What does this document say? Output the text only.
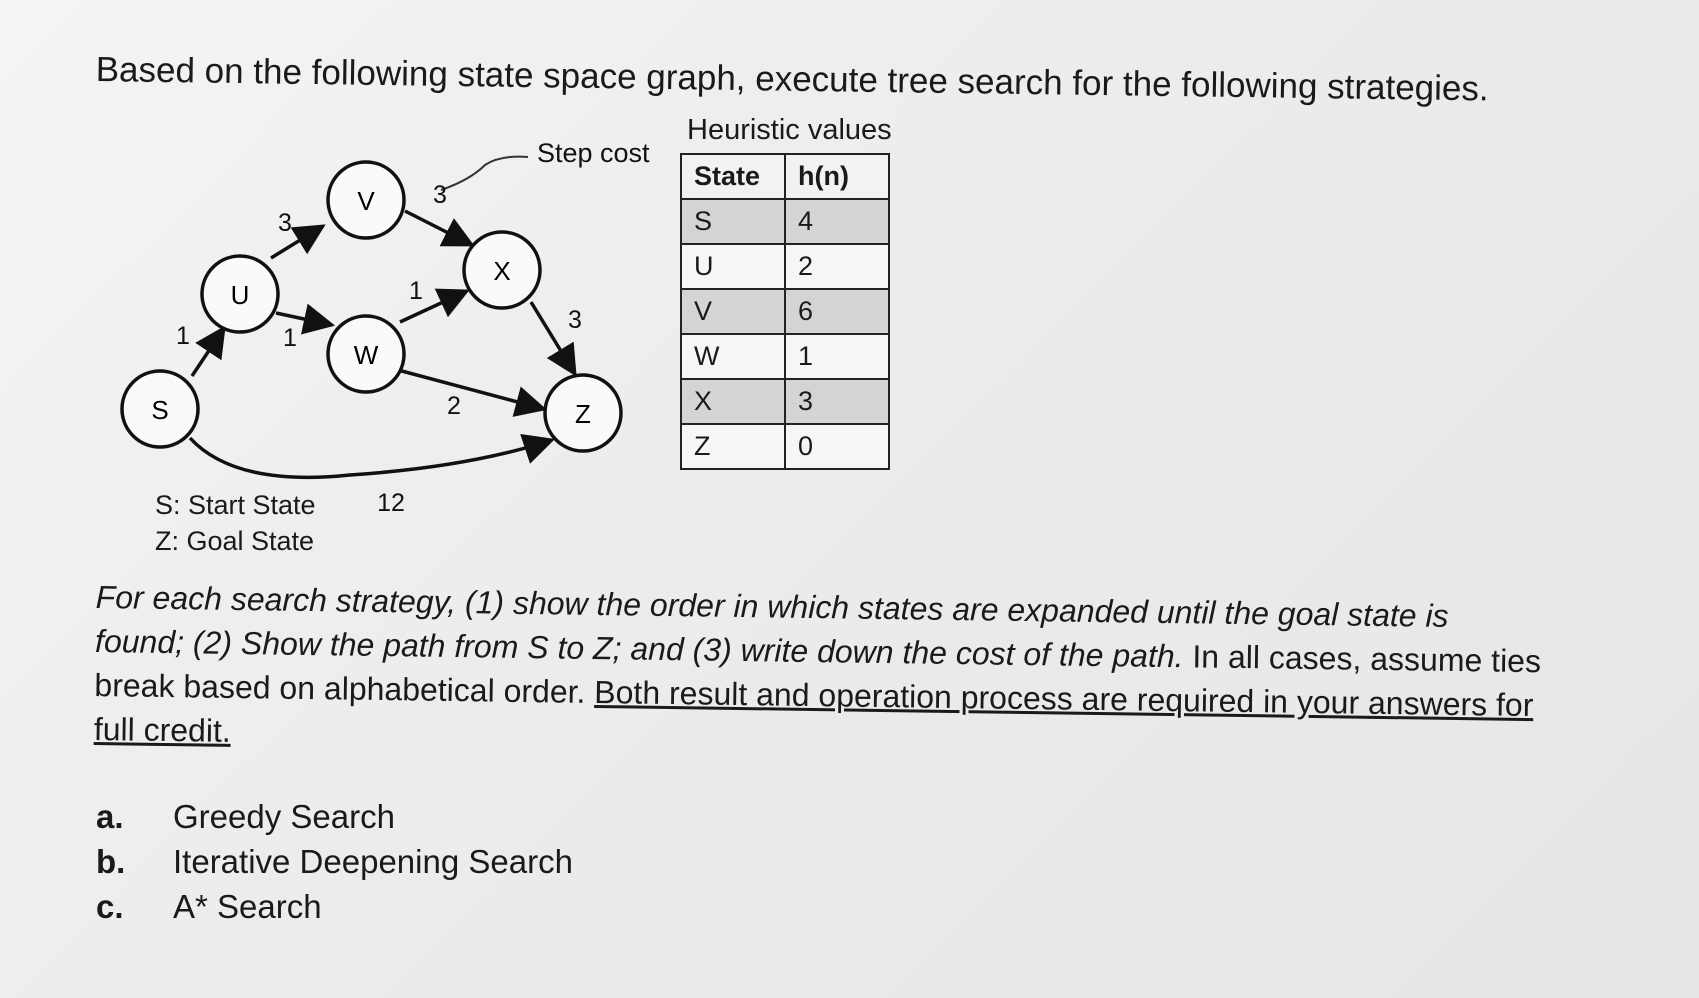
Based on the following state space graph, execute tree search for the following strategies.
S
U
V
W
X
Z
1
3
1
3
1
2
3
12
Step cost
Heuristic values
State	h(n)
S	4
U	2
V	6
W	1
X	3
Z	0
S: Start State
Z: Goal State
For each search strategy, (1) show the order in which states are expanded until the goal state is found; (2) Show the path from S to Z; and (3) write down the cost of the path. In all cases, assume ties break based on alphabetical order. Both result and operation process are required in your answers for full credit.
a. Greedy Search
b. Iterative Deepening Search
c. A* Search
